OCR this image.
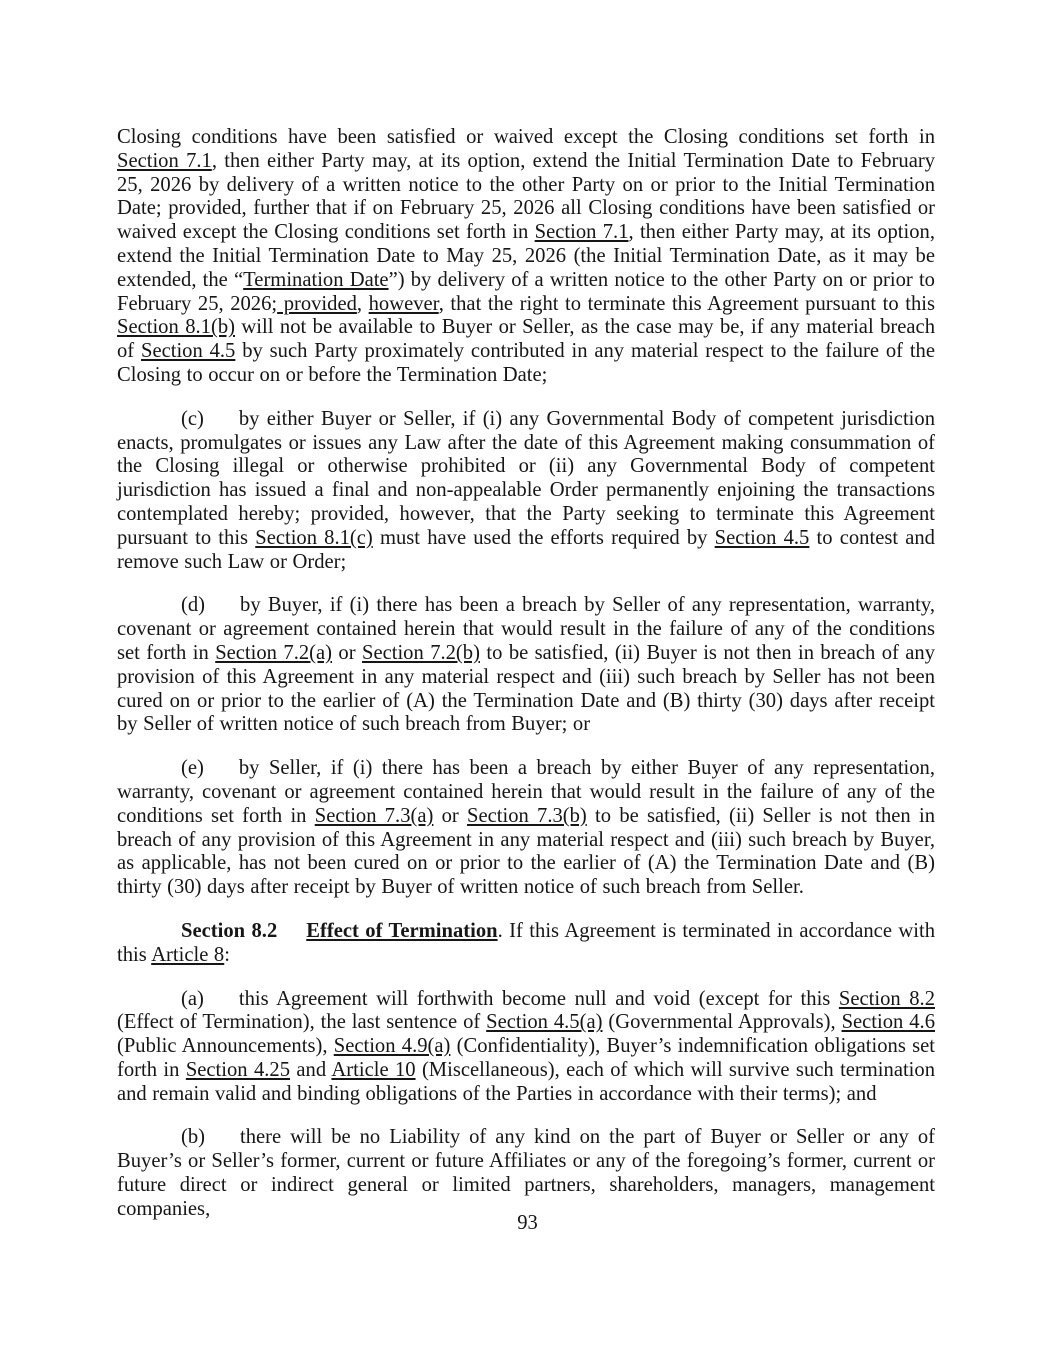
Closing conditions have been satisfied or waived except the Closing conditions set forth in Section 7.1, then either Party may, at its option, extend the Initial Termination Date to February 25, 2026 by delivery of a written notice to the other Party on or prior to the Initial Termination Date; provided, further that if on February 25, 2026 all Closing conditions have been satisfied or waived except the Closing conditions set forth in Section 7.1, then either Party may, at its option, extend the Initial Termination Date to May 25, 2026 (the Initial Termination Date, as it may be extended, the “Termination Date”) by delivery of a written notice to the other Party on or prior to February 25, 2026; provided, however, that the right to terminate this Agreement pursuant to this Section 8.1(b) will not be available to Buyer or Seller, as the case may be, if any material breach of Section 4.5 by such Party proximately contributed in any material respect to the failure of the Closing to occur on or before the Termination Date;
(c) by either Buyer or Seller, if (i) any Governmental Body of competent jurisdiction enacts, promulgates or issues any Law after the date of this Agreement making consummation of the Closing illegal or otherwise prohibited or (ii) any Governmental Body of competent jurisdiction has issued a final and non-appealable Order permanently enjoining the transactions contemplated hereby; provided, however, that the Party seeking to terminate this Agreement pursuant to this Section 8.1(c) must have used the efforts required by Section 4.5 to contest and remove such Law or Order;
(d) by Buyer, if (i) there has been a breach by Seller of any representation, warranty, covenant or agreement contained herein that would result in the failure of any of the conditions set forth in Section 7.2(a) or Section 7.2(b) to be satisfied, (ii) Buyer is not then in breach of any provision of this Agreement in any material respect and (iii) such breach by Seller has not been cured on or prior to the earlier of (A) the Termination Date and (B) thirty (30) days after receipt by Seller of written notice of such breach from Buyer; or
(e) by Seller, if (i) there has been a breach by either Buyer of any representation, warranty, covenant or agreement contained herein that would result in the failure of any of the conditions set forth in Section 7.3(a) or Section 7.3(b) to be satisfied, (ii) Seller is not then in breach of any provision of this Agreement in any material respect and (iii) such breach by Buyer, as applicable, has not been cured on or prior to the earlier of (A) the Termination Date and (B) thirty (30) days after receipt by Buyer of written notice of such breach from Seller.
Section 8.2 Effect of Termination. If this Agreement is terminated in accordance with this Article 8:
(a) this Agreement will forthwith become null and void (except for this Section 8.2 (Effect of Termination), the last sentence of Section 4.5(a) (Governmental Approvals), Section 4.6 (Public Announcements), Section 4.9(a) (Confidentiality), Buyer’s indemnification obligations set forth in Section 4.25 and Article 10 (Miscellaneous), each of which will survive such termination and remain valid and binding obligations of the Parties in accordance with their terms); and
(b) there will be no Liability of any kind on the part of Buyer or Seller or any of Buyer’s or Seller’s former, current or future Affiliates or any of the foregoing’s former, current or future direct or indirect general or limited partners, shareholders, managers, management companies,
93
